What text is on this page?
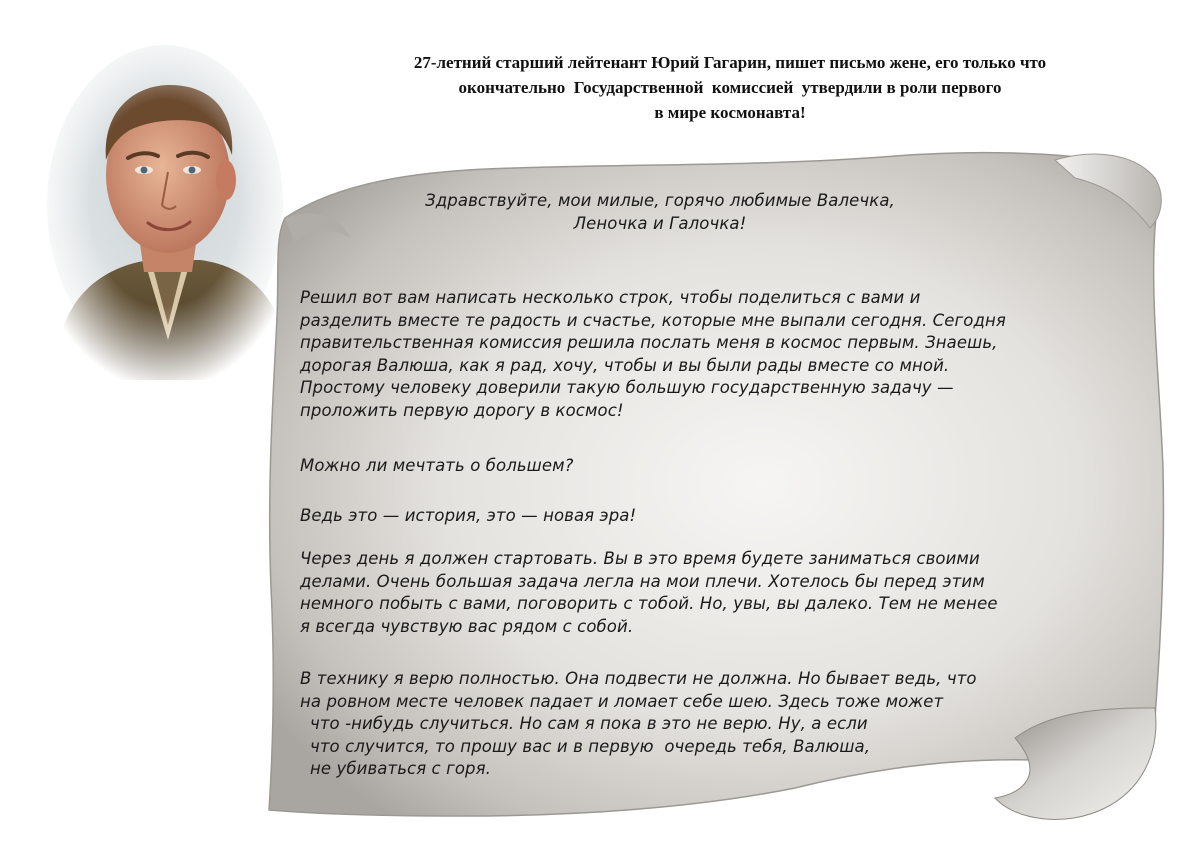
27-летний старший лейтенант Юрий Гагарин, пишет письмо жене, его только что
окончательно  Государственной  комиссией  утвердили в роли первого
в мире космонавта!
Здравствуйте, мои милые, горячо любимые Валечка,
Леночка и Галочка!
Решил вот вам написать несколько строк, чтобы поделиться с вами и
разделить вместе те радость и счастье, которые мне выпали сегодня. Сегодня
правительственная комиссия решила послать меня в космос первым. Знаешь,
дорогая Валюша, как я рад, хочу, чтобы и вы были рады вместе со мной.
Простому человеку доверили такую большую государственную задачу —
проложить первую дорогу в космос!
Можно ли мечтать о большем?
Ведь это — история, это — новая эра!
Через день я должен стартовать. Вы в это время будете заниматься своими
делами. Очень большая задача легла на мои плечи. Хотелось бы перед этим
немного побыть с вами, поговорить с тобой. Но, увы, вы далеко. Тем не менее
я всегда чувствую вас рядом с собой.
В технику я верю полностью. Она подвести не должна. Но бывает ведь, что
на ровном месте человек падает и ломает себе шею. Здесь тоже может
что -нибудь случиться. Но сам я пока в это не верю. Ну, а если
что случится, то прошу вас и в первую  очередь тебя, Валюша,
не убиваться с горя.
